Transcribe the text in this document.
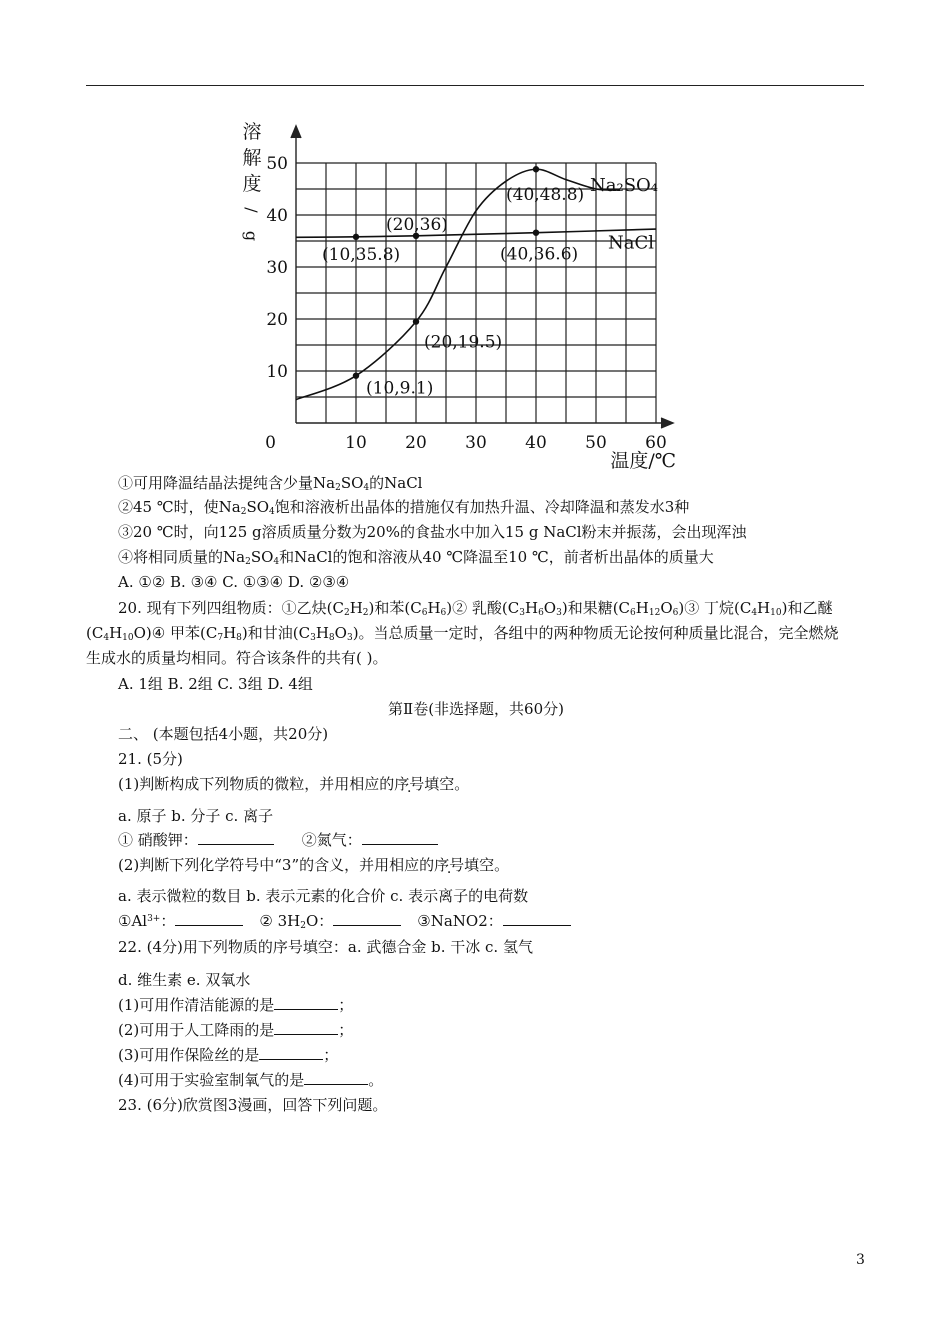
10 20 30 40 50 60
10
20
30
40
50
0
溶
解
度
/
g
温度/℃
(10,9.1)
(20,19.5)
(40,48.8)
(10,35.8)
(20,36)
(40,36.6)
Na₂SO₄
NaCl
①可用降温结晶法提纯含少量$Na_2SO_4$的NaCl
②45 ℃时，使$Na_2SO_4$饱和溶液析出晶体的措施仅有加热升温、冷却降温和蒸发水3种
③20 ℃时，向125 g溶质质量分数为20%的食盐水中加入15 g NaCl粉末并振荡，会出现浑浊
④将相同质量的$Na_2SO_4$和NaCl的饱和溶液从40 ℃降温至10 ℃，前者析出晶体的质量大
A. ①② B. ③④ C. ①③④ D. ②③④
20. 现有下列四组物质：①乙炔$(C_2H_2)$和苯$(C_6H_6)②$ 乳酸$(C_3H_6O_3)$和果糖$(C_6H_{12}O_6)③$ 丁烷$(C_4H_{10})$和乙醚
$(C_4H_{10}O)④$ 甲苯$(C_7H_8)$和甘油$(C_3H_8O_3)$。当总质量一定时，各组中的两种物质无论按何种质量比混合，完全燃烧
生成水的质量均相同。符合该条件的共有( )。
A. 1组 B. 2组 C. 3组 D. 4组
第Ⅱ卷(非选择题，共60分)
二、 (本题包括4小题，共20分)
21. (5分)
(1)判断构成下列物质的微粒，并用相应的序号填空。
a. 原子 b. 分子 c. 离子
① 硝酸钾：	②氮气：
(2)判断下列化学符号中“3”的含义，并用相应的序号填空。
a. 表示微粒的数目 b. 表示元素的化合价 c. 表示离子的电荷数
$①Al^{3+}$：	② $3H_2O$：	③NaNO2：
22. (4分)用下列物质的序号填空：a. 武德合金 b. 干冰 c. 氢气
d. 维生素 e. 双氧水
(1)可用作清洁能源的是	；
(2)可用于人工降雨的是	；
(3)可用作保险丝的是	；
(4)可用于实验室制氧气的是	。
23. (6分)欣赏图3漫画，回答下列问题。
3
